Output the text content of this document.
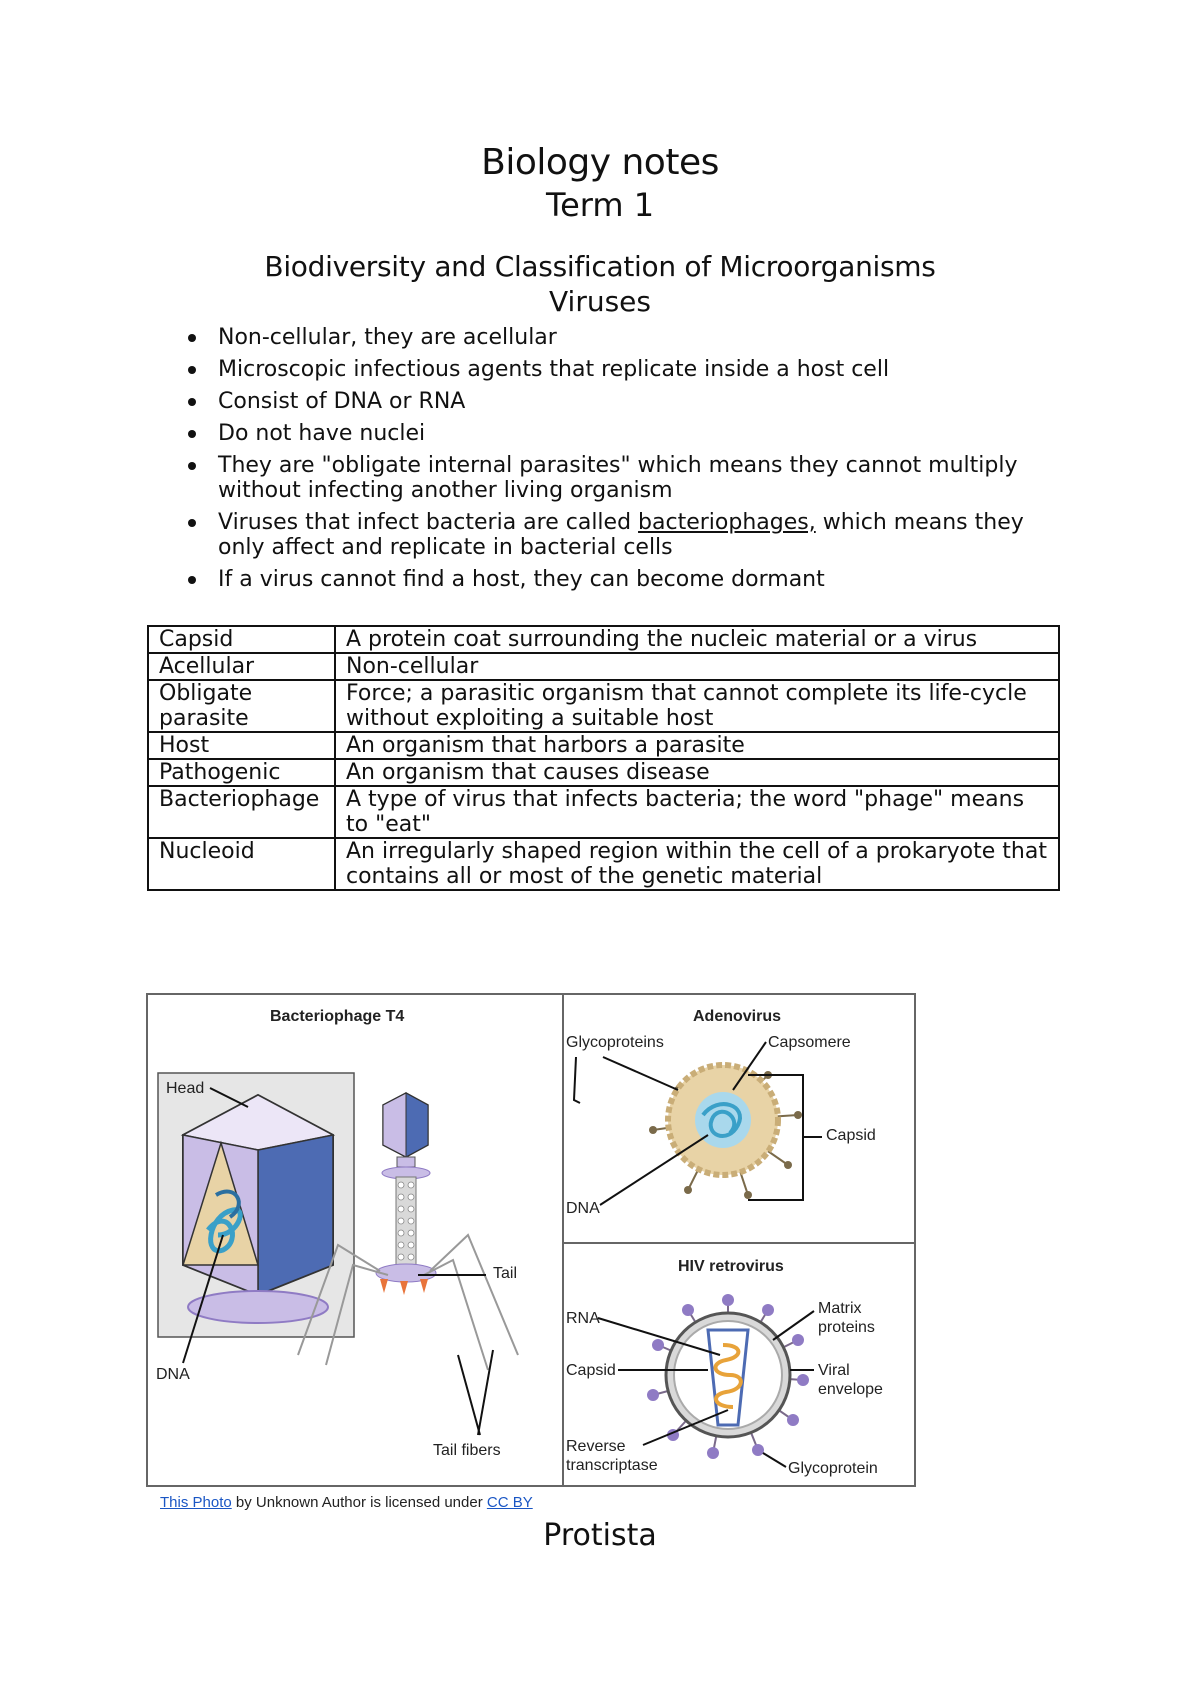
Biology notes
Term 1
Biodiversity and Classification of Microorganisms
Viruses
Non-cellular, they are acellular
Microscopic infectious agents that replicate inside a host cell
Consist of DNA or RNA
Do not have nuclei
They are "obligate internal parasites" which means they cannot multiply without infecting another living organism
Viruses that infect bacteria are called bacteriophages, which means they only affect and replicate in bacterial cells
If a virus cannot find a host, they can become dormant
Capsid	A protein coat surrounding the nucleic material or a virus
Acellular	Non-cellular
Obligate parasite	Force; a parasitic organism that cannot complete its life-cycle without exploiting a suitable host
Host	An organism that harbors a parasite
Pathogenic	An organism that causes disease
Bacteriophage	A type of virus that infects bacteria; the word "phage" means to "eat"
Nucleoid	An irregularly shaped region within the cell of a prokaryote that contains all or most of the genetic material
Bacteriophage T4
Head
DNA
Tail
Tail fibers
Adenovirus
Glycoproteins	Capsomere
Capsid
DNA
HIV retrovirus
RNA
Capsid
Reverse
transcriptase
Matrix
proteins
Viral
envelope
Glycoprotein
This Photo by Unknown Author is licensed under CC BY
Protista
